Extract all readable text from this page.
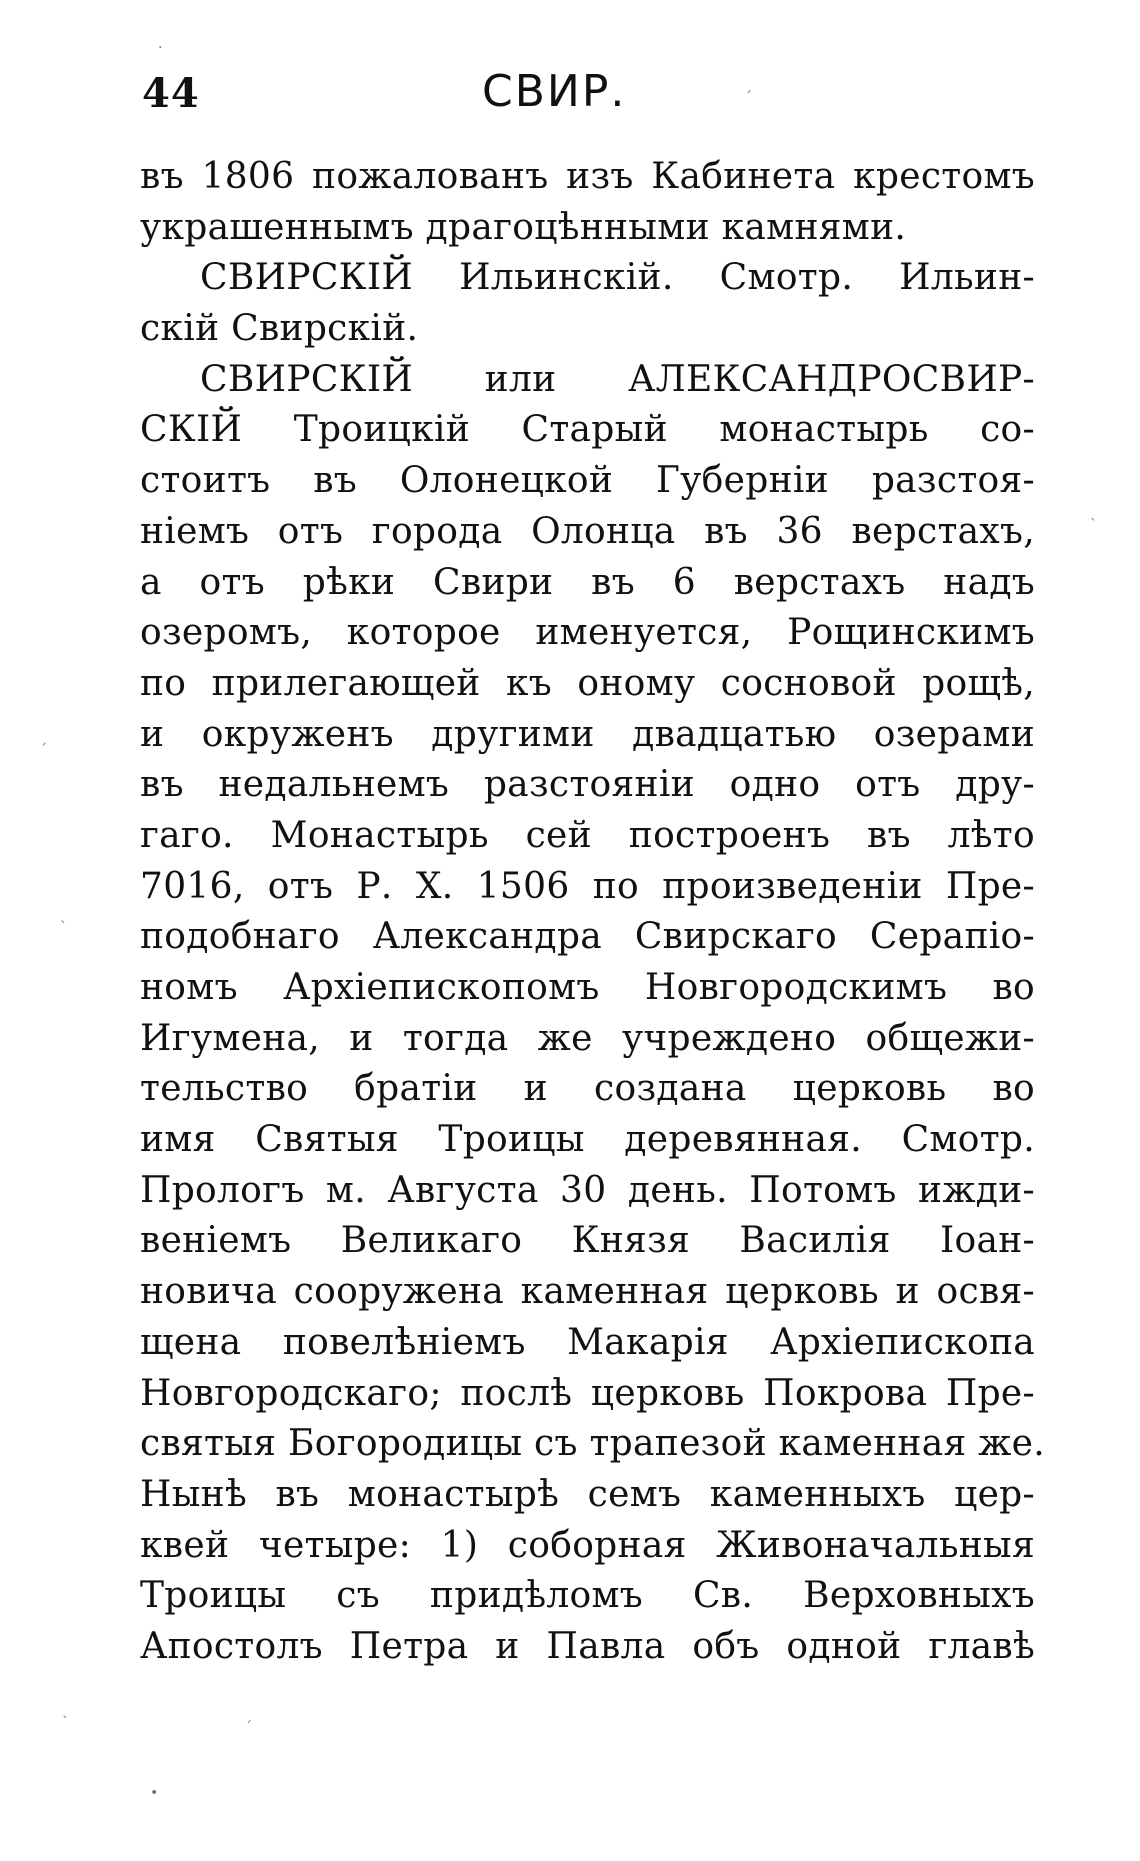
44	СВИР.
въ 1806 пожалованъ изъ Кабинета крестомъ
украшеннымъ драгоцѣнными камнями.
СВИРСКІЙ Ильинскій. Смотр. Ильин-
скій Свирскій.
СВИРСКІЙ или АЛЕКСАНДРОСВИР-
СКІЙ Троицкій Старый монастырь со-
стоитъ въ Олонецкой Губерніи разстоя-
ніемъ отъ города Олонца въ 36 верстахъ,
а отъ рѣки Свири въ 6 верстахъ надъ
озеромъ, которое именуется, Рощинскимъ
по прилегающей къ оному сосновой рощѣ,
и окруженъ другими двадцатью озерами
въ недальнемъ разстояніи одно отъ дру-
гаго. Монастырь сей построенъ въ лѣто
7016, отъ Р. Х. 1506 по произведеніи Пре-
подобнаго Александра Свирскаго Серапіо-
номъ Архіепископомъ Новгородскимъ во
Игумена, и тогда же учреждено общежи-
тельство братіи и создана церковь во
имя Святыя Троицы деревянная. Смотр.
Прологъ м. Августа 30 день. Потомъ ижди-
веніемъ Великаго Князя Василія Іоан-
новича сооружена каменная церковь и освя-
щена повелѣніемъ Макарія Архіепископа
Новгородскаго; послѣ церковь Покрова Пре-
святыя Богородицы съ трапезой каменная же.
Нынѣ въ монастырѣ семъ каменныхъ цер-
квей четыре: 1) соборная Живоначальныя
Троицы съ придѣломъ Св. Верховныхъ
Апостолъ Петра и Павла объ одной главѣ
·
ˊ
ˎ
ˏ
ˋ
ˋ
•
ˊ
